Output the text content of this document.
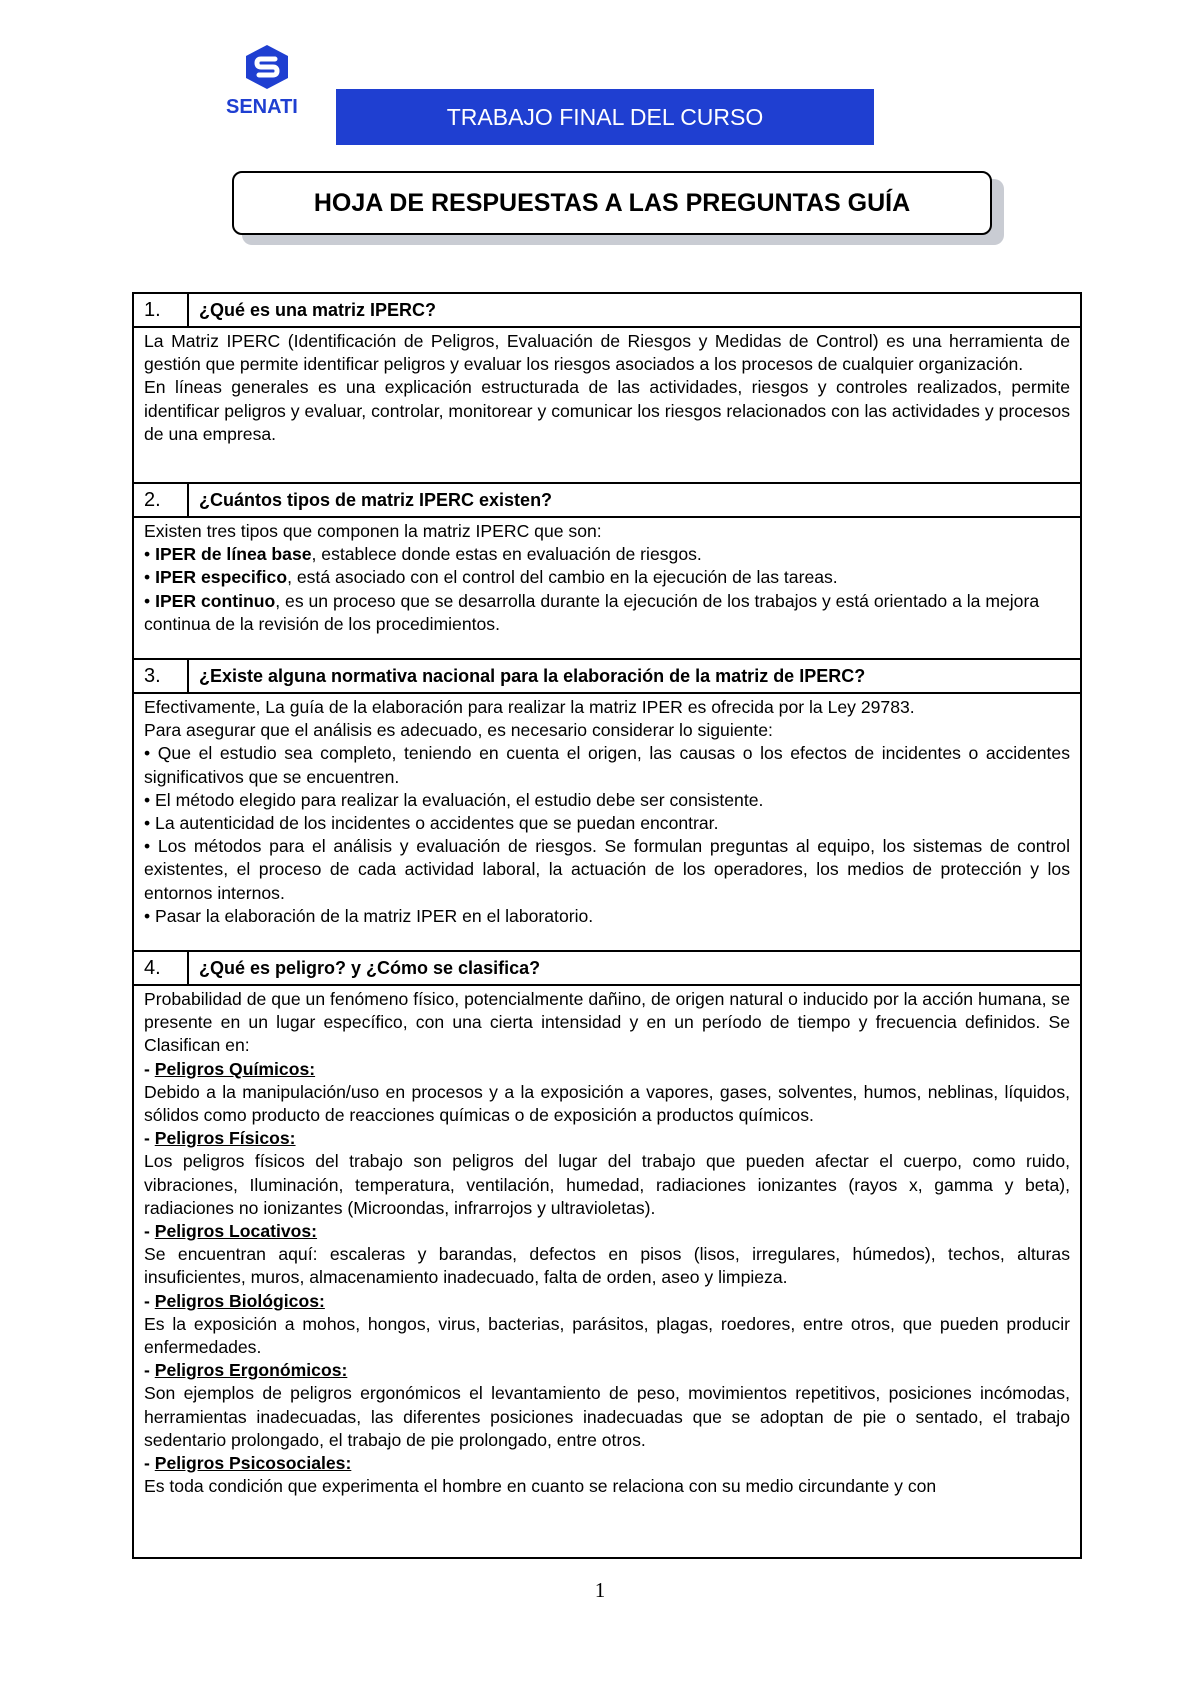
SENATI	TRABAJO FINAL DEL CURSO
HOJA DE RESPUESTAS A LAS PREGUNTAS GUÍA
1.	¿Qué es una matriz IPERC?

La Matriz IPERC (Identificación de Peligros, Evaluación de Riesgos y Medidas de Control) es una herramienta de gestión que permite identificar peligros y evaluar los riesgos asociados a los procesos de cualquier organización.

En líneas generales es una explicación estructurada de las actividades, riesgos y controles realizados, permite identificar peligros y evaluar, controlar, monitorear y comunicar los riesgos relacionados con las actividades y procesos de una empresa.

2.	¿Cuántos tipos de matriz IPERC existen?

Existen tres tipos que componen la matriz IPERC que son:

• IPER de línea base, establece donde estas en evaluación de riesgos.

• IPER especifico, está asociado con el control del cambio en la ejecución de las tareas.

• IPER continuo, es un proceso que se desarrolla durante la ejecución de los trabajos y está orientado a la mejora continua de la revisión de los procedimientos.

3.	¿Existe alguna normativa nacional para la elaboración de la matriz de IPERC?

Efectivamente, La guía de la elaboración para realizar la matriz IPER es ofrecida por la Ley 29783.

Para asegurar que el análisis es adecuado, es necesario considerar lo siguiente:

• Que el estudio sea completo, teniendo en cuenta el origen, las causas o los efectos de incidentes o accidentes significativos que se encuentren.

• El método elegido para realizar la evaluación, el estudio debe ser consistente.

• La autenticidad de los incidentes o accidentes que se puedan encontrar.

• Los métodos para el análisis y evaluación de riesgos. Se formulan preguntas al equipo, los sistemas de control existentes, el proceso de cada actividad laboral, la actuación de los operadores, los medios de protección y los entornos internos.

• Pasar la elaboración de la matriz IPER en el laboratorio.

4.	¿Qué es peligro? y ¿Cómo se clasifica?

Probabilidad de que un fenómeno físico, potencialmente dañino, de origen natural o inducido por la acción humana, se presente en un lugar específico, con una cierta intensidad y en un período de tiempo y frecuencia definidos. Se Clasifican en:

- Peligros Químicos:

Debido a la manipulación/uso en procesos y a la exposición a vapores, gases, solventes, humos, neblinas, líquidos, sólidos como producto de reacciones químicas o de exposición a productos químicos.

- Peligros Físicos:

Los peligros físicos del trabajo son peligros del lugar del trabajo que pueden afectar el cuerpo, como ruido, vibraciones, Iluminación, temperatura, ventilación, humedad, radiaciones ionizantes (rayos x, gamma y beta), radiaciones no ionizantes (Microondas, infrarrojos y ultravioletas).

- Peligros Locativos:

Se encuentran aquí: escaleras y barandas, defectos en pisos (lisos, irregulares, húmedos), techos, alturas insuficientes, muros, almacenamiento inadecuado, falta de orden, aseo y limpieza.

- Peligros Biológicos:

Es la exposición a mohos, hongos, virus, bacterias, parásitos, plagas, roedores, entre otros, que pueden producir enfermedades.

- Peligros Ergonómicos:

Son ejemplos de peligros ergonómicos el levantamiento de peso, movimientos repetitivos, posiciones incómodas, herramientas inadecuadas, las diferentes posiciones inadecuadas que se adoptan de pie o sentado, el trabajo sedentario prolongado, el trabajo de pie prolongado, entre otros.

- Peligros Psicosociales:

Es toda condición que experimenta el hombre en cuanto se relaciona con su medio circundante y con

1
